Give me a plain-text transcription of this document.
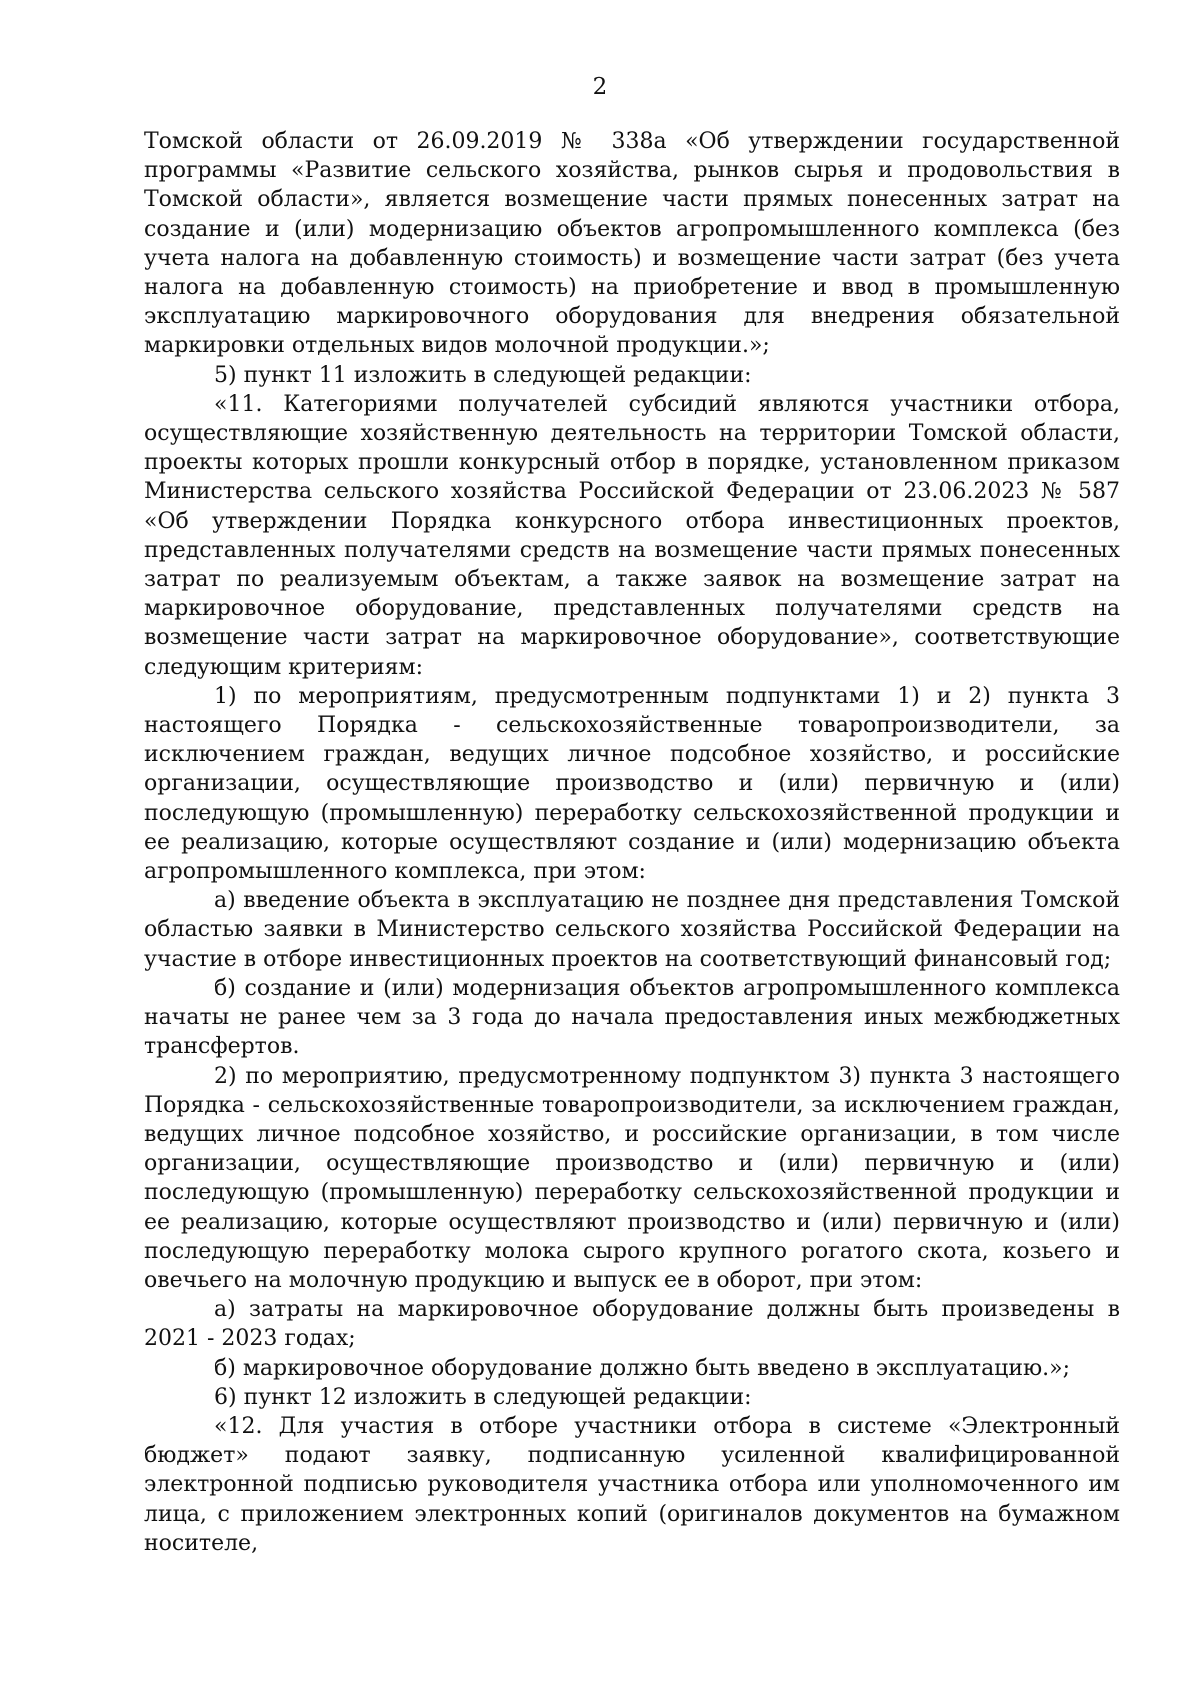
2

Томской области от 26.09.2019 № 338а «Об утверждении государственной программы «Развитие сельского хозяйства, рынков сырья и продовольствия в Томской области», является возмещение части прямых понесенных затрат на создание и (или) модернизацию объектов агропромышленного комплекса (без учета налога на добавленную стоимость) и возмещение части затрат (без учета налога на добавленную стоимость) на приобретение и ввод в промышленную эксплуатацию маркировочного оборудования для внедрения обязательной маркировки отдельных видов молочной продукции.»;

5) пункт 11 изложить в следующей редакции:

«11. Категориями получателей субсидий являются участники отбора, осуществляющие хозяйственную деятельность на территории Томской области, проекты которых прошли конкурсный отбор в порядке, установленном приказом Министерства сельского хозяйства Российской Федерации от 23.06.2023 № 587 «Об утверждении Порядка конкурсного отбора инвестиционных проектов, представленных получателями средств на возмещение части прямых понесенных затрат по реализуемым объектам, а также заявок на возмещение затрат на маркировочное оборудование, представленных получателями средств на возмещение части затрат на маркировочное оборудование», соответствующие следующим критериям:

1) по мероприятиям, предусмотренным подпунктами 1) и 2) пункта 3 настоящего Порядка - сельскохозяйственные товаропроизводители, за исключением граждан, ведущих личное подсобное хозяйство, и российские организации, осуществляющие производство и (или) первичную и (или) последующую (промышленную) переработку сельскохозяйственной продукции и ее реализацию, которые осуществляют создание и (или) модернизацию объекта агропромышленного комплекса, при этом:

а) введение объекта в эксплуатацию не позднее дня представления Томской областью заявки в Министерство сельского хозяйства Российской Федерации на участие в отборе инвестиционных проектов на соответствующий финансовый год;

б) создание и (или) модернизация объектов агропромышленного комплекса начаты не ранее чем за 3 года до начала предоставления иных межбюджетных трансфертов.

2) по мероприятию, предусмотренному подпунктом 3) пункта 3 настоящего Порядка - сельскохозяйственные товаропроизводители, за исключением граждан, ведущих личное подсобное хозяйство, и российские организации, в том числе организации, осуществляющие производство и (или) первичную и (или) последующую (промышленную) переработку сельскохозяйственной продукции и ее реализацию, которые осуществляют производство и (или) первичную и (или) последующую переработку молока сырого крупного рогатого скота, козьего и овечьего на молочную продукцию и выпуск ее в оборот, при этом:

а) затраты на маркировочное оборудование должны быть произведены в 2021 - 2023 годах;

б) маркировочное оборудование должно быть введено в эксплуатацию.»;

6) пункт 12 изложить в следующей редакции:

«12. Для участия в отборе участники отбора в системе «Электронный бюджет» подают заявку, подписанную усиленной квалифицированной электронной подписью руководителя участника отбора или уполномоченного им лица, с приложением электронных копий (оригиналов документов на бумажном носителе,
